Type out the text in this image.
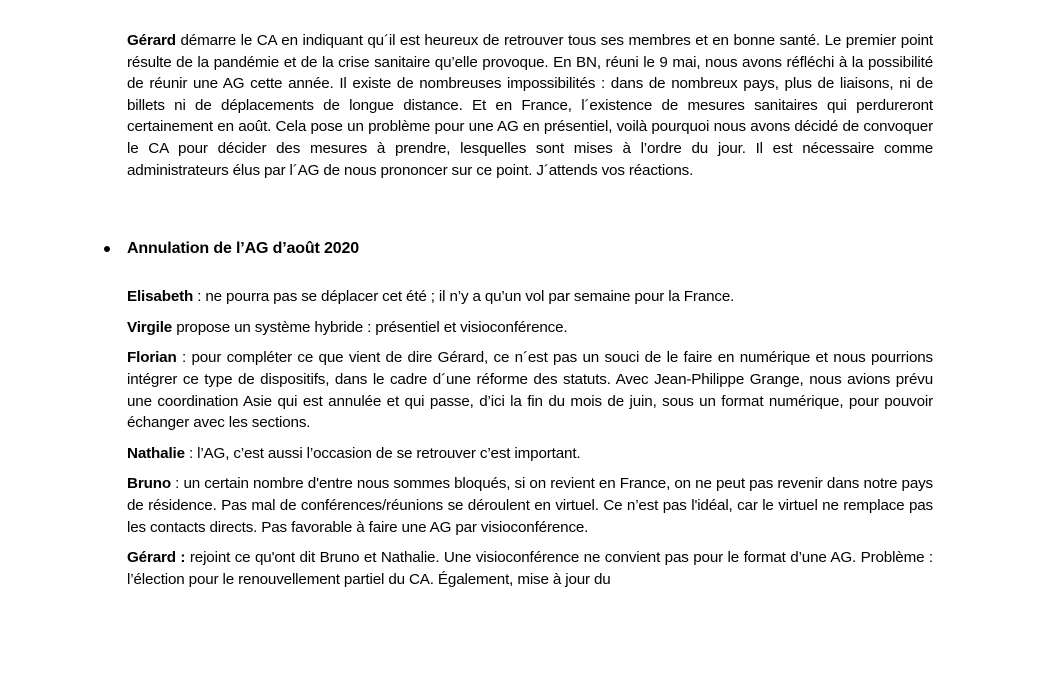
Gérard démarre le CA en indiquant qu´il est heureux de retrouver tous ses membres et en bonne santé. Le premier point résulte de la pandémie et de la crise sanitaire qu’elle provoque. En BN, réuni le 9 mai, nous avons réfléchi à la possibilité de réunir une AG cette année. Il existe de nombreuses impossibilités : dans de nombreux pays, plus de liaisons, ni de billets ni de déplacements de longue distance. Et en France, l´existence de mesures sanitaires qui perdureront certainement en août. Cela pose un problème pour une AG en présentiel, voilà pourquoi nous avons décidé de convoquer le CA pour décider des mesures à prendre, lesquelles sont mises à l’ordre du jour. Il est nécessaire comme administrateurs élus par l´AG de nous prononcer sur ce point. J´attends vos réactions.

Annulation de l’AG d’août 2020

Elisabeth : ne pourra pas se déplacer cet été ; il n’y a qu’un vol par semaine pour la France.

Virgile propose un système hybride : présentiel et visioconférence.

Florian : pour compléter ce que vient de dire Gérard, ce n´est pas un souci de le faire en numérique et nous pourrions intégrer ce type de dispositifs, dans le cadre d´une réforme des statuts. Avec Jean-Philippe Grange, nous avions prévu une coordination Asie qui est annulée et qui passe, d’ici la fin du mois de juin, sous un format numérique, pour pouvoir échanger avec les sections.

Nathalie : l’AG, c’est aussi l’occasion de se retrouver c’est important.

Bruno : un certain nombre d'entre nous sommes bloqués, si on revient en France, on ne peut pas revenir dans notre pays de résidence. Pas mal de conférences/réunions se déroulent en virtuel. Ce n’est pas l'idéal, car le virtuel ne remplace pas les contacts directs. Pas favorable à faire une AG par visioconférence.

Gérard : rejoint ce qu'ont dit Bruno et Nathalie. Une visioconférence ne convient pas pour le format d’une AG. Problème : l’élection pour le renouvellement partiel du CA. Également, mise à jour du
